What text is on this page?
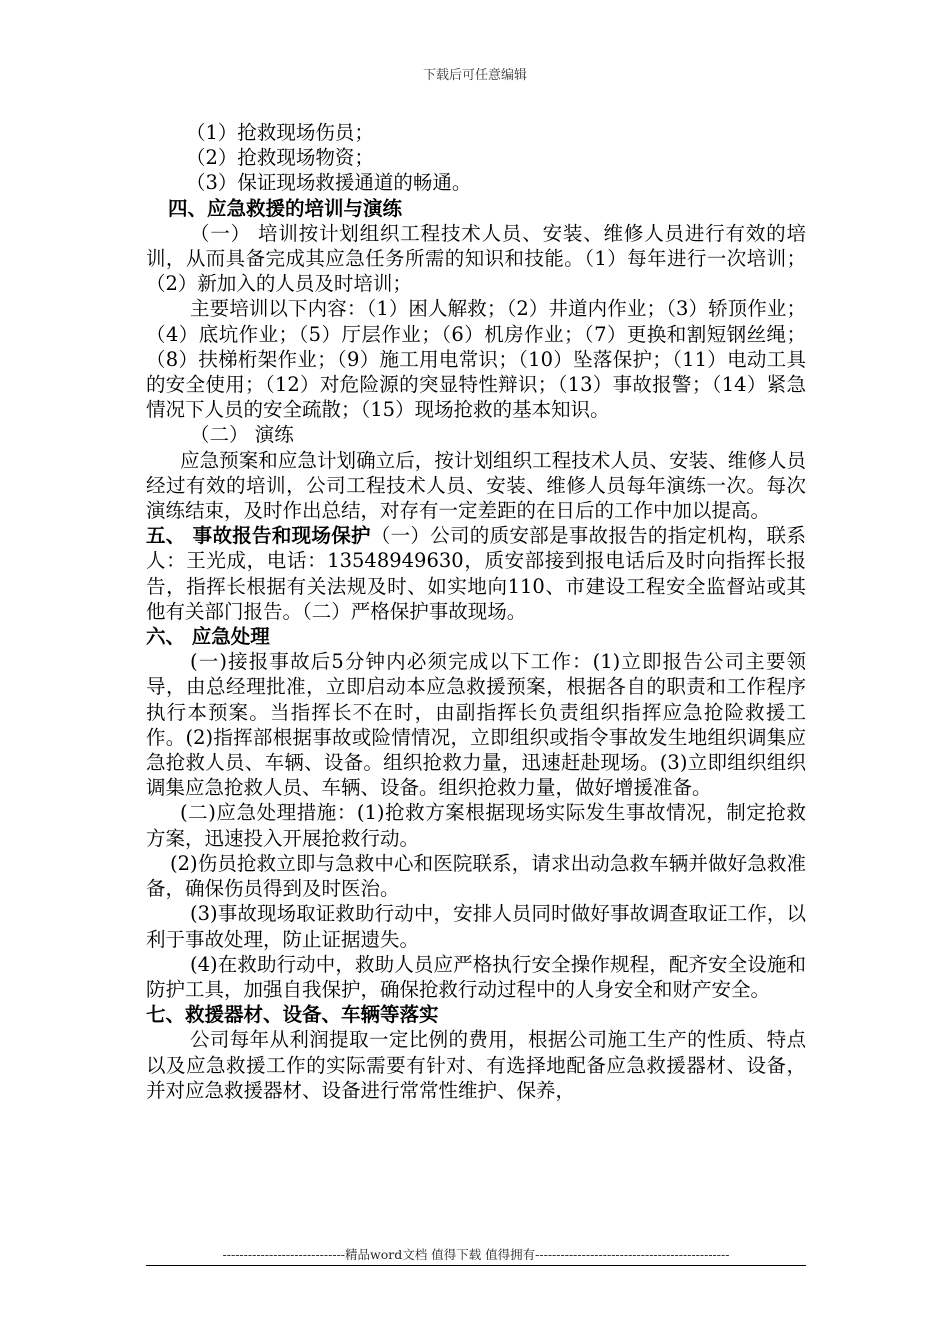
下载后可任意编辑

（1）抢救现场伤员；

（2）抢救现场物资；

（3）保证现场救援通道的畅通。

四、应急救援的培训与演练

（一） 培训按计划组织工程技术人员、安装、维修人员进行有效的培训，从而具备完成其应急任务所需的知识和技能。（1）每年进行一次培训；（2）新加入的人员及时培训；

主要培训以下内容：（1）困人解救；（2）井道内作业；（3）轿顶作业；（4）底坑作业；（5）厅层作业；（6）机房作业；（7）更换和割短钢丝绳；（8）扶梯桁架作业；（9）施工用电常识；（10）坠落保护；（11）电动工具的安全使用；（12）对危险源的突显特性辩识；（13）事故报警；（14）紧急情况下人员的安全疏散；（15）现场抢救的基本知识。

（二） 演练

应急预案和应急计划确立后，按计划组织工程技术人员、安装、维修人员经过有效的培训，公司工程技术人员、安装、维修人员每年演练一次。每次演练结束，及时作出总结，对存有一定差距的在日后的工作中加以提高。

五、 事故报告和现场保护（一）公司的质安部是事故报告的指定机构，联系人：王光成，电话：13548949630，质安部接到报电话后及时向指挥长报告，指挥长根据有关法规及时、如实地向110、市建设工程安全监督站或其他有关部门报告。（二）严格保护事故现场。

六、 应急处理

(一)接报事故后5分钟内必须完成以下工作：(1)立即报告公司主要领导，由总经理批准，立即启动本应急救援预案，根据各自的职责和工作程序执行本预案。当指挥长不在时，由副指挥长负责组织指挥应急抢险救援工作。(2)指挥部根据事故或险情情况，立即组织或指令事故发生地组织调集应急抢救人员、车辆、设备。组织抢救力量，迅速赶赴现场。(3)立即组织组织调集应急抢救人员、车辆、设备。组织抢救力量，做好增援准备。

(二)应急处理措施：(1)抢救方案根据现场实际发生事故情况，制定抢救方案，迅速投入开展抢救行动。

(2)伤员抢救立即与急救中心和医院联系，请求出动急救车辆并做好急救准备，确保伤员得到及时医治。

(3)事故现场取证救助行动中，安排人员同时做好事故调查取证工作，以利于事故处理，防止证据遗失。

(4)在救助行动中，救助人员应严格执行安全操作规程，配齐安全设施和防护工具，加强自我保护，确保抢救行动过程中的人身安全和财产安全。

七、救援器材、设备、车辆等落实

公司每年从利润提取一定比例的费用，根据公司施工生产的性质、特点以及应急救援工作的实际需要有针对、有选择地配备应急救援器材、设备，并对应急救援器材、设备进行常常性维护、保养，

-----------------------------精品word文档 值得下载 值得拥有----------------------------------------------
